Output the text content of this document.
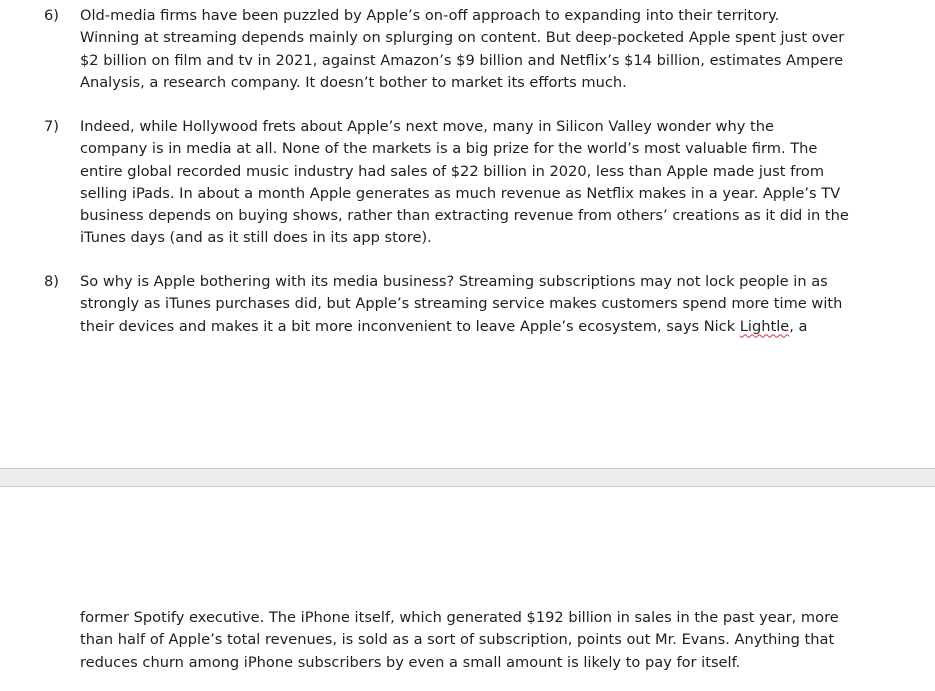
6) Old-media firms have been puzzled by Apple’s on-off approach to expanding into their territory.
Winning at streaming depends mainly on splurging on content. But deep-pocketed Apple spent just over
$2 billion on film and tv in 2021, against Amazon’s $9 billion and Netflix’s $14 billion, estimates Ampere
Analysis, a research company. It doesn’t bother to market its efforts much.
7) Indeed, while Hollywood frets about Apple’s next move, many in Silicon Valley wonder why the
company is in media at all. None of the markets is a big prize for the world’s most valuable firm. The
entire global recorded music industry had sales of $22 billion in 2020, less than Apple made just from
selling iPads. In about a month Apple generates as much revenue as Netflix makes in a year. Apple’s TV
business depends on buying shows, rather than extracting revenue from others’ creations as it did in the
iTunes days (and as it still does in its app store).
8) So why is Apple bothering with its media business? Streaming subscriptions may not lock people in as
strongly as iTunes purchases did, but Apple’s streaming service makes customers spend more time with
their devices and makes it a bit more inconvenient to leave Apple’s ecosystem, says Nick Lightle, a
former Spotify executive. The iPhone itself, which generated $192 billion in sales in the past year, more
than half of Apple’s total revenues, is sold as a sort of subscription, points out Mr. Evans. Anything that
reduces churn among iPhone subscribers by even a small amount is likely to pay for itself.
